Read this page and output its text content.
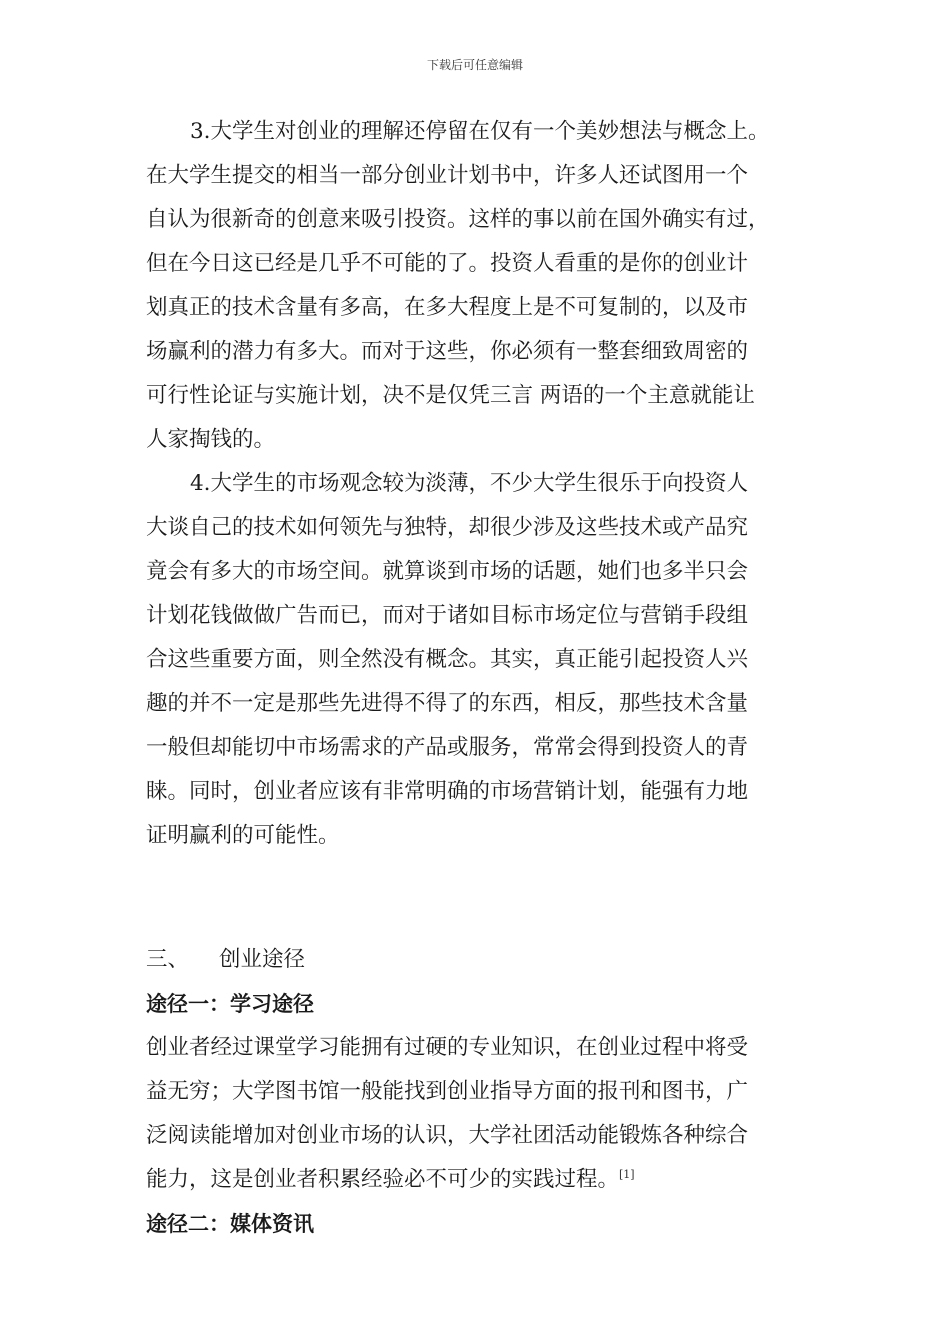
下载后可任意编辑
3.大学生对创业的理解还停留在仅有一个美妙想法与概念上。
在大学生提交的相当一部分创业计划书中，许多人还试图用一个
自认为很新奇的创意来吸引投资。这样的事以前在国外确实有过，
但在今日这已经是几乎不可能的了。投资人看重的是你的创业计
划真正的技术含量有多高，在多大程度上是不可复制的，以及市
场赢利的潜力有多大。而对于这些，你必须有一整套细致周密的
可行性论证与实施计划，决不是仅凭三言 两语的一个主意就能让
人家掏钱的。
4.大学生的市场观念较为淡薄，不少大学生很乐于向投资人
大谈自己的技术如何领先与独特，却很少涉及这些技术或产品究
竟会有多大的市场空间。就算谈到市场的话题，她们也多半只会
计划花钱做做广告而已，而对于诸如目标市场定位与营销手段组
合这些重要方面，则全然没有概念。其实，真正能引起投资人兴
趣的并不一定是那些先进得不得了的东西，相反，那些技术含量
一般但却能切中市场需求的产品或服务，常常会得到投资人的青
睐。同时，创业者应该有非常明确的市场营销计划，能强有力地
证明赢利的可能性。
三、 创业途径
途径一：学习途径
创业者经过课堂学习能拥有过硬的专业知识，在创业过程中将受
益无穷；大学图书馆一般能找到创业指导方面的报刊和图书，广
泛阅读能增加对创业市场的认识，大学社团活动能锻炼各种综合
能力，这是创业者积累经验必不可少的实践过程。[1]
途径二：媒体资讯
